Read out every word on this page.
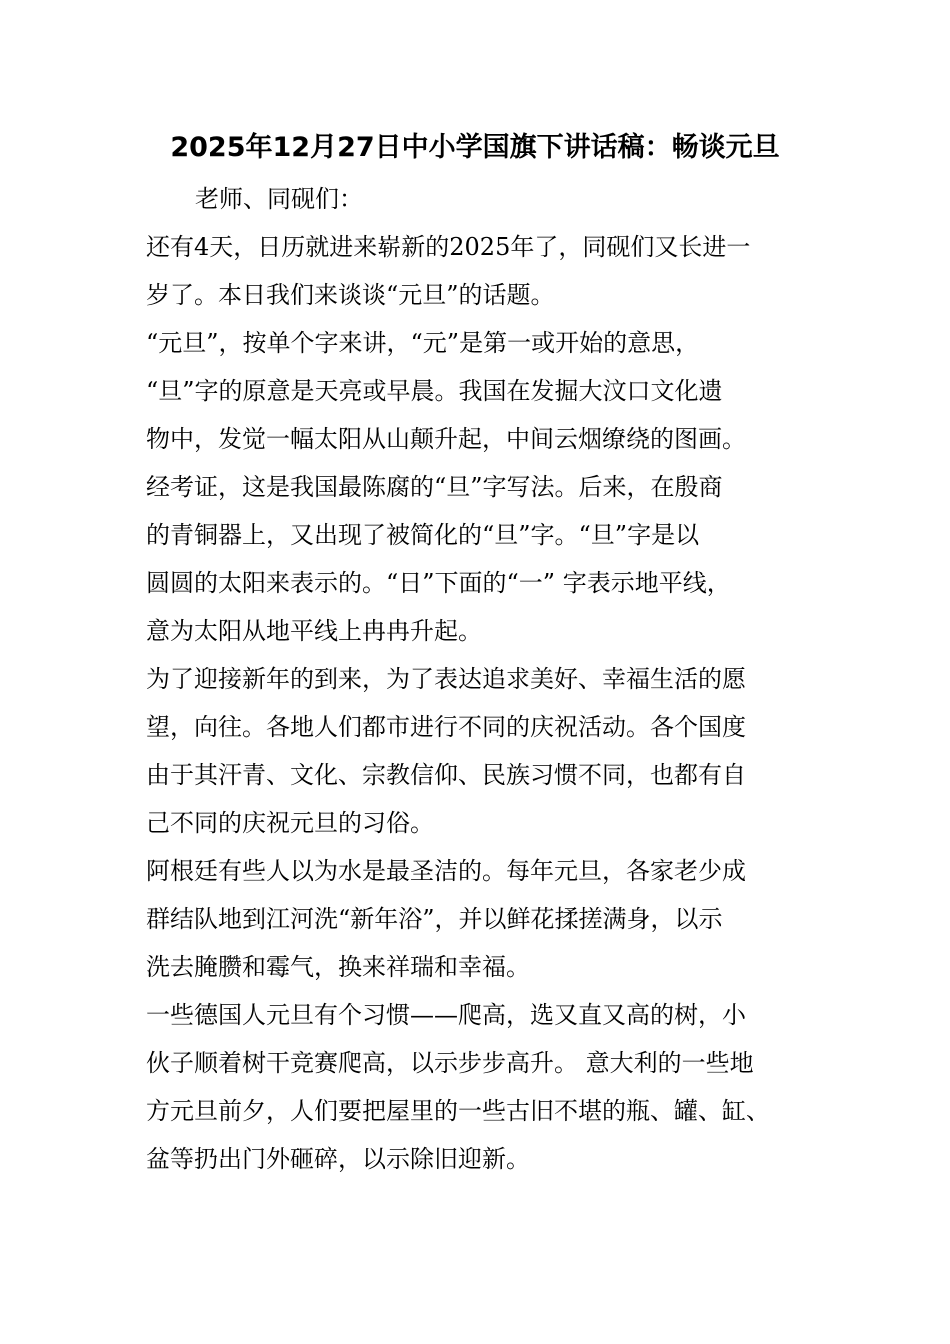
2025年12月27日中小学国旗下讲话稿：畅谈元旦
老师、同砚们：
还有4天，日历就进来崭新的2025年了，同砚们又长进一
岁了。本日我们来谈谈“元旦”的话题。
“元旦”，按单个字来讲，“元”是第一或开始的意思，
“旦”字的原意是天亮或早晨。我国在发掘大汶口文化遗
物中，发觉一幅太阳从山颠升起，中间云烟缭绕的图画。
经考证，这是我国最陈腐的“旦”字写法。后来，在殷商
的青铜器上，又出现了被简化的“旦”字。“旦”字是以
圆圆的太阳来表示的。“日”下面的“一” 字表示地平线，
意为太阳从地平线上冉冉升起。
为了迎接新年的到来，为了表达追求美好、幸福生活的愿
望，向往。各地人们都市进行不同的庆祝活动。各个国度
由于其汗青、文化、宗教信仰、民族习惯不同，也都有自
己不同的庆祝元旦的习俗。
阿根廷有些人以为水是最圣洁的。每年元旦，各家老少成
群结队地到江河洗“新年浴”，并以鲜花揉搓满身，以示
洗去腌臜和霉气，换来祥瑞和幸福。
一些德国人元旦有个习惯——爬高，选又直又高的树，小
伙子顺着树干竞赛爬高，以示步步高升。 意大利的一些地
方元旦前夕，人们要把屋里的一些古旧不堪的瓶、罐、缸、
盆等扔出门外砸碎，以示除旧迎新。
